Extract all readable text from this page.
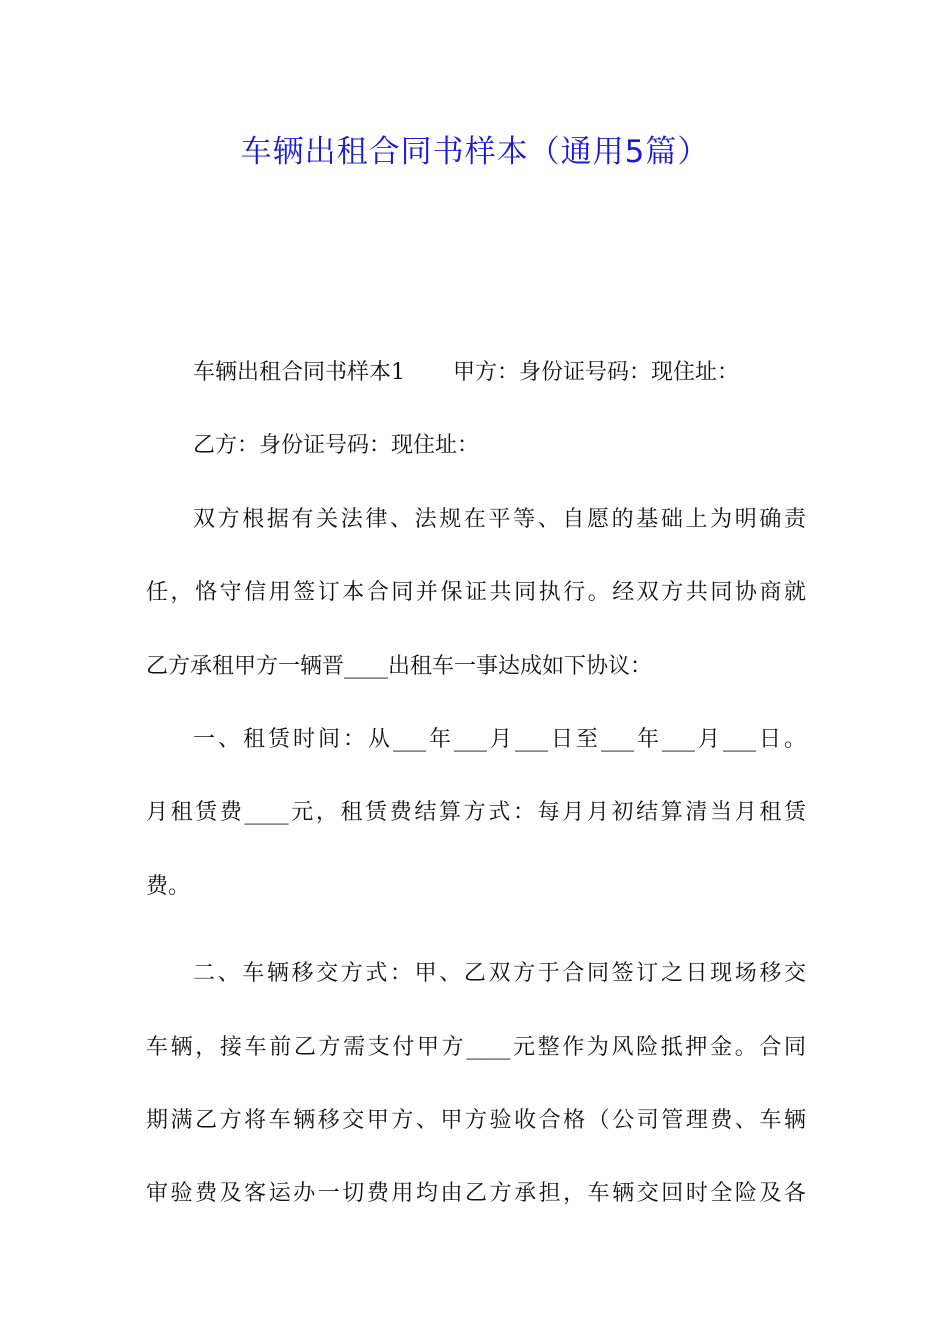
车辆出租合同书样本（通用5篇）

车辆出租合同书样本1 甲方：身份证号码：现住址：

乙方：身份证号码：现住址：

双方根据有关法律、法规在平等、自愿的基础上为明确责
任，恪守信用签订本合同并保证共同执行。经双方共同协商就
乙方承租甲方一辆晋____出租车一事达成如下协议：

一、租赁时间：从___年___月___日至___年___月___日。
月租赁费____元，租赁费结算方式：每月月初结算清当月租赁
费。

二、车辆移交方式：甲、乙双方于合同签订之日现场移交
车辆，接车前乙方需支付甲方____元整作为风险抵押金。合同
期满乙方将车辆移交甲方、甲方验收合格（公司管理费、车辆
审验费及客运办一切费用均由乙方承担，车辆交回时全险及各
